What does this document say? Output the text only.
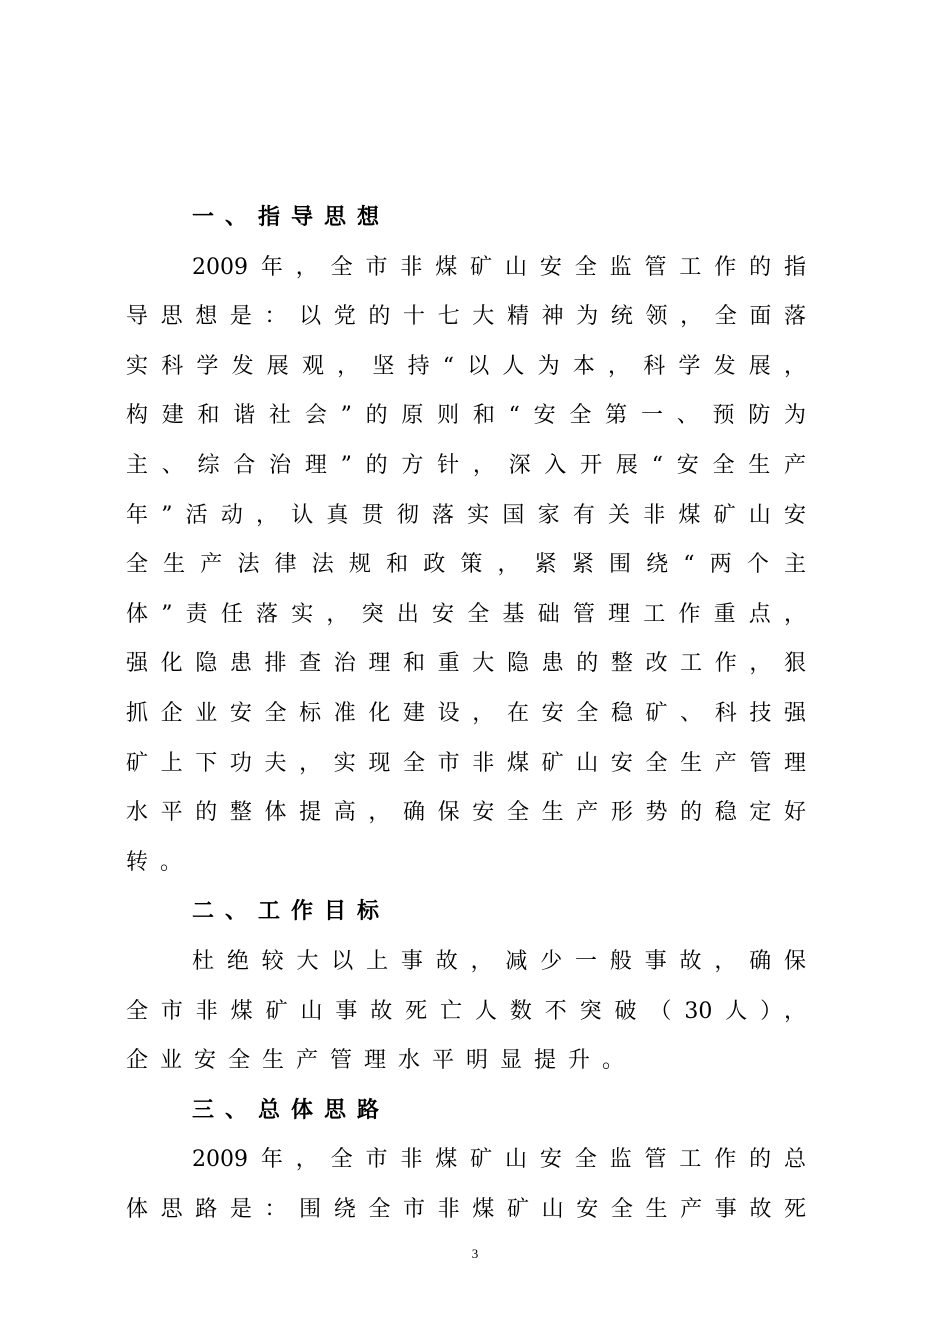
一、指导思想
2009年，全市非煤矿山安全监管工作的指
导思想是：以党的十七大精神为统领，全面落
实科学发展观，坚持“以人为本，科学发展，
构建和谐社会”的原则和“安全第一、预防为
主、综合治理”的方针，深入开展“安全生产
年”活动，认真贯彻落实国家有关非煤矿山安
全生产法律法规和政策，紧紧围绕“两个主
体”责任落实，突出安全基础管理工作重点，
强化隐患排查治理和重大隐患的整改工作，狠
抓企业安全标准化建设，在安全稳矿、科技强
矿上下功夫，实现全市非煤矿山安全生产管理
水平的整体提高，确保安全生产形势的稳定好
转。
二、工作目标
杜绝较大以上事故，减少一般事故，确保
全市非煤矿山事故死亡人数不突破（30人），
企业安全生产管理水平明显提升。
三、总体思路
2009年，全市非煤矿山安全监管工作的总
体思路是：围绕全市非煤矿山安全生产事故死
3
